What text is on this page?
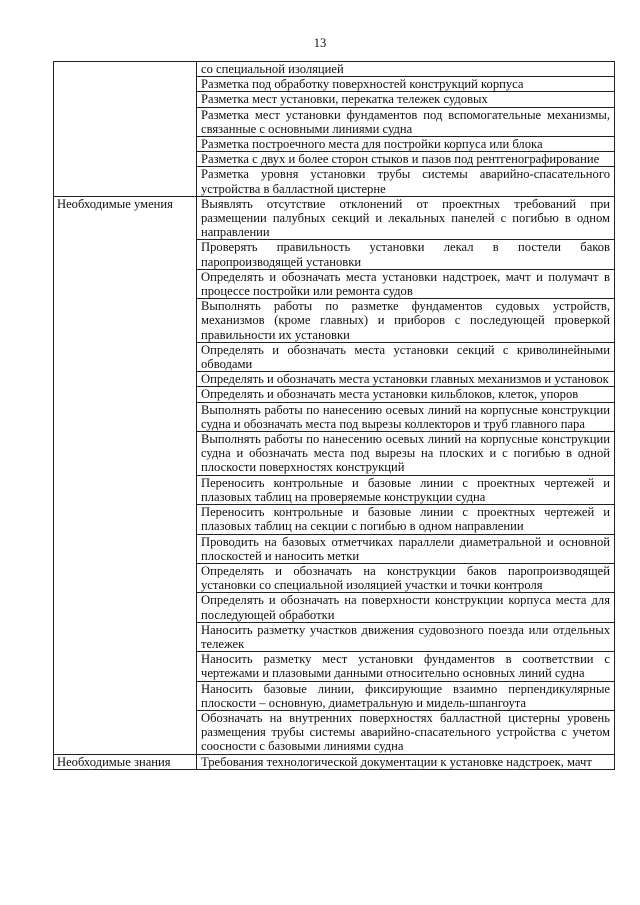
13
	со специальной изоляцией
	Разметка под обработку поверхностей конструкций корпуса
	Разметка мест установки, перекатка тележек судовых
	Разметка мест установки фундаментов под вспомогательные механизмы, связанные с основными линиями судна
	Разметка построечного места для постройки корпуса или блока
	Разметка с двух и более сторон стыков и пазов под рентгенографирование
	Разметка уровня установки трубы системы аварийно-спасательного устройства в балластной цистерне
Необходимые умения	Выявлять отсутствие отклонений от проектных требований при размещении палубных секций и лекальных панелей с погибью в одном направлении
	Проверять правильность установки лекал в постели баков паропроизводящей установки
	Определять и обозначать места установки надстроек, мачт и полумачт в процессе постройки или ремонта судов
	Выполнять работы по разметке фундаментов судовых устройств, механизмов (кроме главных) и приборов с последующей проверкой правильности их установки
	Определять и обозначать места установки секций с криволинейными обводами
	Определять и обозначать места установки главных механизмов и установок
	Определять и обозначать места установки кильблоков, клеток, упоров
	Выполнять работы по нанесению осевых линий на корпусные конструкции судна и обозначать места под вырезы коллекторов и труб главного пара
	Выполнять работы по нанесению осевых линий на корпусные конструкции судна и обозначать места под вырезы на плоских и с погибью в одной плоскости поверхностях конструкций
	Переносить контрольные и базовые линии с проектных чертежей и плазовых таблиц на проверяемые конструкции судна
	Переносить контрольные и базовые линии с проектных чертежей и плазовых таблиц на секции с погибью в одном направлении
	Проводить на базовых отметчиках параллели диаметральной и основной плоскостей и наносить метки
	Определять и обозначать на конструкции баков паропроизводящей установки со специальной изоляцией участки и точки контроля
	Определять и обозначать на поверхности конструкции корпуса места для последующей обработки
	Наносить разметку участков движения судовозного поезда или отдельных тележек
	Наносить разметку мест установки фундаментов в соответствии с чертежами и плазовыми данными относительно основных линий судна
	Наносить базовые линии, фиксирующие взаимно перпендикулярные плоскости – основную, диаметральную и мидель-шпангоута
	Обозначать на внутренних поверхностях балластной цистерны уровень размещения трубы системы аварийно-спасательного устройства с учетом соосности с базовыми линиями судна
Необходимые знания	Требования технологической документации к установке надстроек, мачт
